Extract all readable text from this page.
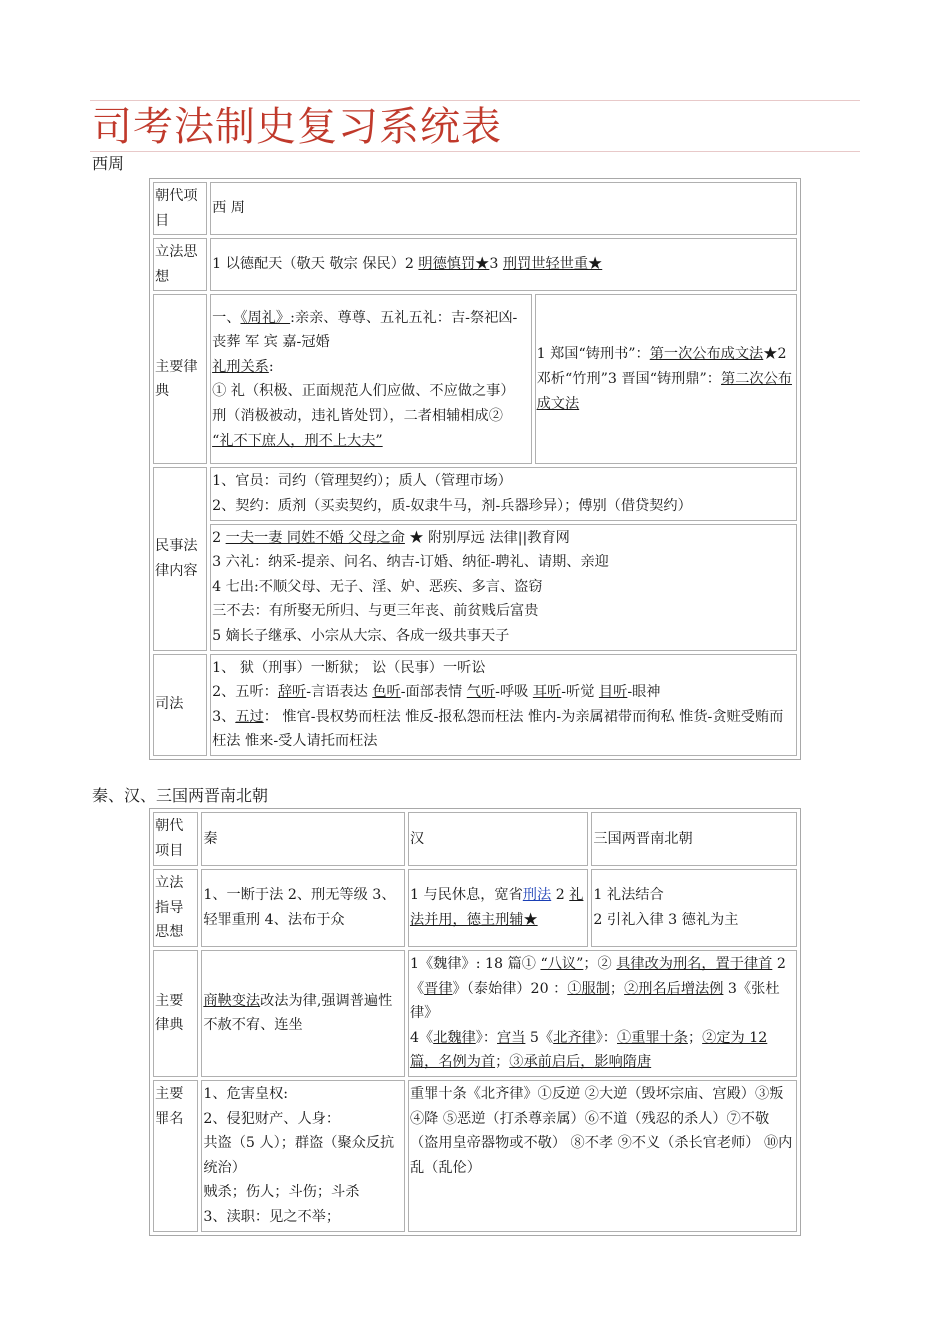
司考法制史复习系统表
西周
朝代项目	西 周	
立法思想	1 以德配天（敬天 敬宗 保民）2 明德慎罚★3 刑罚世轻世重★	
主要律典	一、《周礼》:亲亲、尊尊、五礼五礼：吉-祭祀凶-丧葬 军 宾 嘉-冠婚
礼刑关系:
① 礼（积极、正面规范人们应做、不应做之事）
刑（消极被动，违礼皆处罚），二者相辅相成②
“礼不下庶人，刑不上大夫”	1 郑国“铸刑书”：第一次公布成文法★2 邓析“竹刑”3 晋国“铸刑鼎”：第二次公布成文法
民事法律内容	1、官员：司约（管理契约）；质人（管理市场）
2、契约：质剂（买卖契约，质-奴隶牛马，剂-兵器珍异）；傅别（借贷契约）	

	2 一夫一妻 同姓不婚 父母之命 ★ 附别厚远 法律||教育网
3 六礼：纳采-提亲、问名、纳吉-订婚、纳征-聘礼、请期、亲迎
4 七出:不顺父母、无子、淫、妒、恶疾、多言、盗窃
三不去：有所娶无所归、与更三年丧、前贫贱后富贵
5 嫡长子继承、小宗从大宗、各成一级共事天子	

司法	1、 狱（刑事）一断狱； 讼（民事）一听讼
2、五听：辞听-言语表达 色听-面部表情 气听-呼吸 耳听-听觉 目听-眼神
3、五过： 惟官-畏权势而枉法 惟反-报私怨而枉法 惟内-为亲属裙带而徇私 惟货-贪赃受贿而枉法 惟来-受人请托而枉法	
秦、汉、三国两晋南北朝
朝代项目	秦	汉	三国两晋南北朝
立法指导思想	1、一断于法 2、刑无等级 3、轻罪重刑 4、法布于众	1 与民休息，宽省刑法 2 礼法并用，德主刑辅★	1 礼法结合
2 引礼入律 3 德礼为主

主要律典	商鞅变法改法为律,强调普遍性不赦不宥、连坐	1《魏律》: 18 篇① “八议”；② 具律改为刑名，置于律首 2《晋律》（泰始律）20 ：①服制；②刑名后增法例 3《张杜律》
4《北魏律》：宫当 5《北齐律》：①重罪十条；②定为 12 篇，名例为首；③承前启后，影响隋唐	
主要罪名	1、危害皇权:
2、侵犯财产、人身：
共盗（5 人）；群盗（聚众反抗统治）
贼杀；伤人；斗伤；斗杀
3、渎职：见之不举；	重罪十条《北齐律》①反逆 ②大逆（毁坏宗庙、宫殿）③叛 ④降 ⑤恶逆（打杀尊亲属）⑥不道（残忍的杀人）⑦不敬（盗用皇帝器物或不敬） ⑧不孝 ⑨不义（杀长官老师） ⑩内乱（乱伦）	
